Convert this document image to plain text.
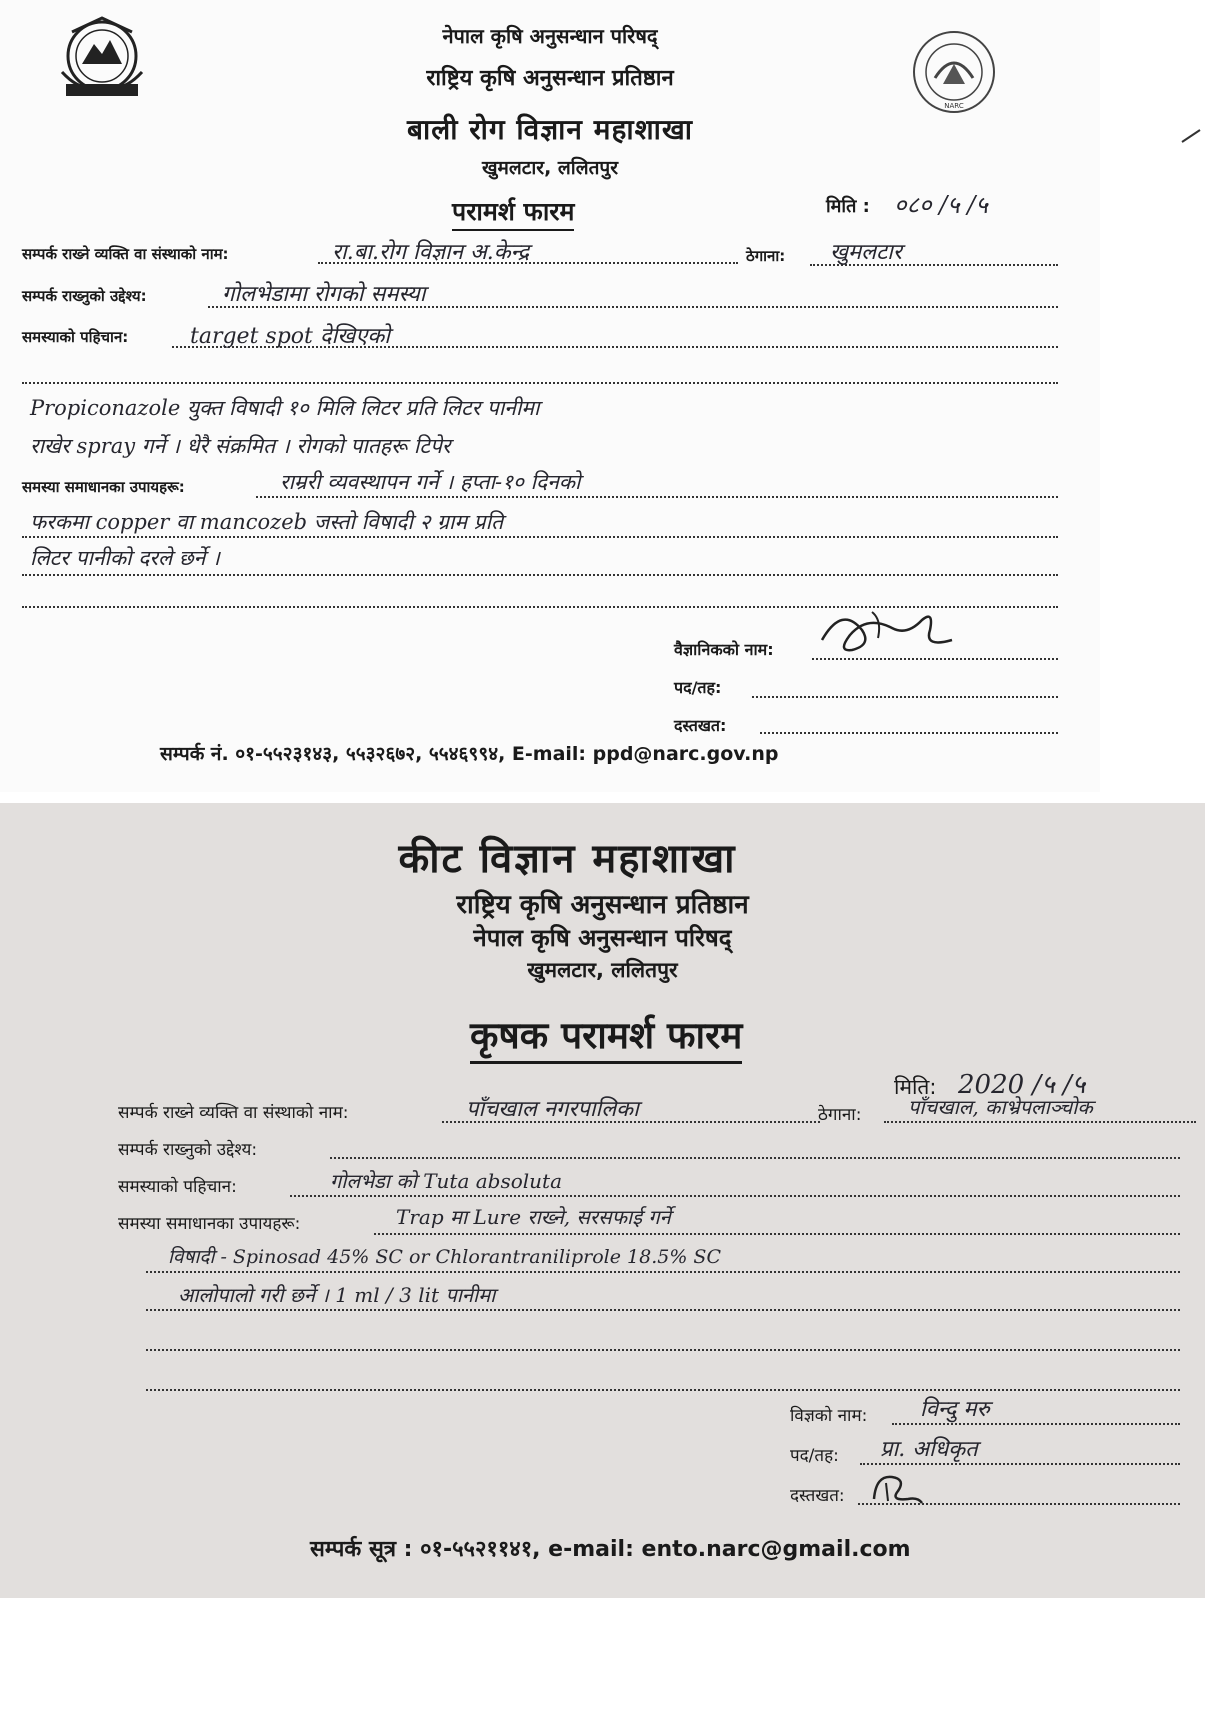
NARC
नेपाल कृषि अनुसन्धान परिषद्
राष्ट्रिय कृषि अनुसन्धान प्रतिष्ठान
बाली रोग विज्ञान महाशाखा
खुमलटार, ललितपुर
परामर्श फारम	मिति : ०८० /५ /५
सम्पर्क राख्ने व्यक्ति वा संस्थाको नाम:	रा.बा.रोग विज्ञान अ.केन्द्र	ठेगाना: खुमलटार
सम्पर्क राख्नुको उद्देश्य:	गोलभेडामा रोगको समस्या
समस्याको पहिचान:	target spot देखिएको
Propiconazole युक्त विषादी १० मिलि लिटर प्रति लिटर पानीमा
राखेर spray गर्ने । धेरै संक्रमित । रोगको पातहरू टिपेर
समस्या समाधानका उपायहरू:	राम्ररी व्यवस्थापन गर्ने । हप्ता-१० दिनको
फरकमा copper वा mancozeb जस्तो विषादी २ ग्राम प्रति
लिटर पानीको दरले छर्ने ।
वैज्ञानिकको नाम:
पद/तह:
दस्तखत:
सम्पर्क नं. ०१-५५२३१४३, ५५३२६७२, ५५४६९९४, E-mail: ppd@narc.gov.np
कीट विज्ञान महाशाखा
राष्ट्रिय कृषि अनुसन्धान प्रतिष्ठान
नेपाल कृषि अनुसन्धान परिषद्
खुमलटार, ललितपुर
कृषक परामर्श फारम
मिति: 2020 /५ /५
सम्पर्क राख्ने व्यक्ति वा संस्थाको नाम:	पाँचखाल नगरपालिका	ठेगाना: पाँचखाल, काभ्रेपलाञ्चोक
सम्पर्क राख्नुको उद्देश्य:
समस्याको पहिचान:	गोलभेडा को Tuta absoluta
समस्या समाधानका उपायहरू:	Trap मा Lure राख्ने, सरसफाई गर्ने
विषादी - Spinosad 45% SC or Chlorantraniliprole 18.5% SC
आलोपालो गरी छर्ने । 1 ml / 3 lit पानीमा
विज्ञको नाम: विन्दु मरु
पद/तह: प्रा. अधिकृत
दस्तखत:
सम्पर्क सूत्र : ०१-५५२११४१, e-mail: ento.narc@gmail.com
